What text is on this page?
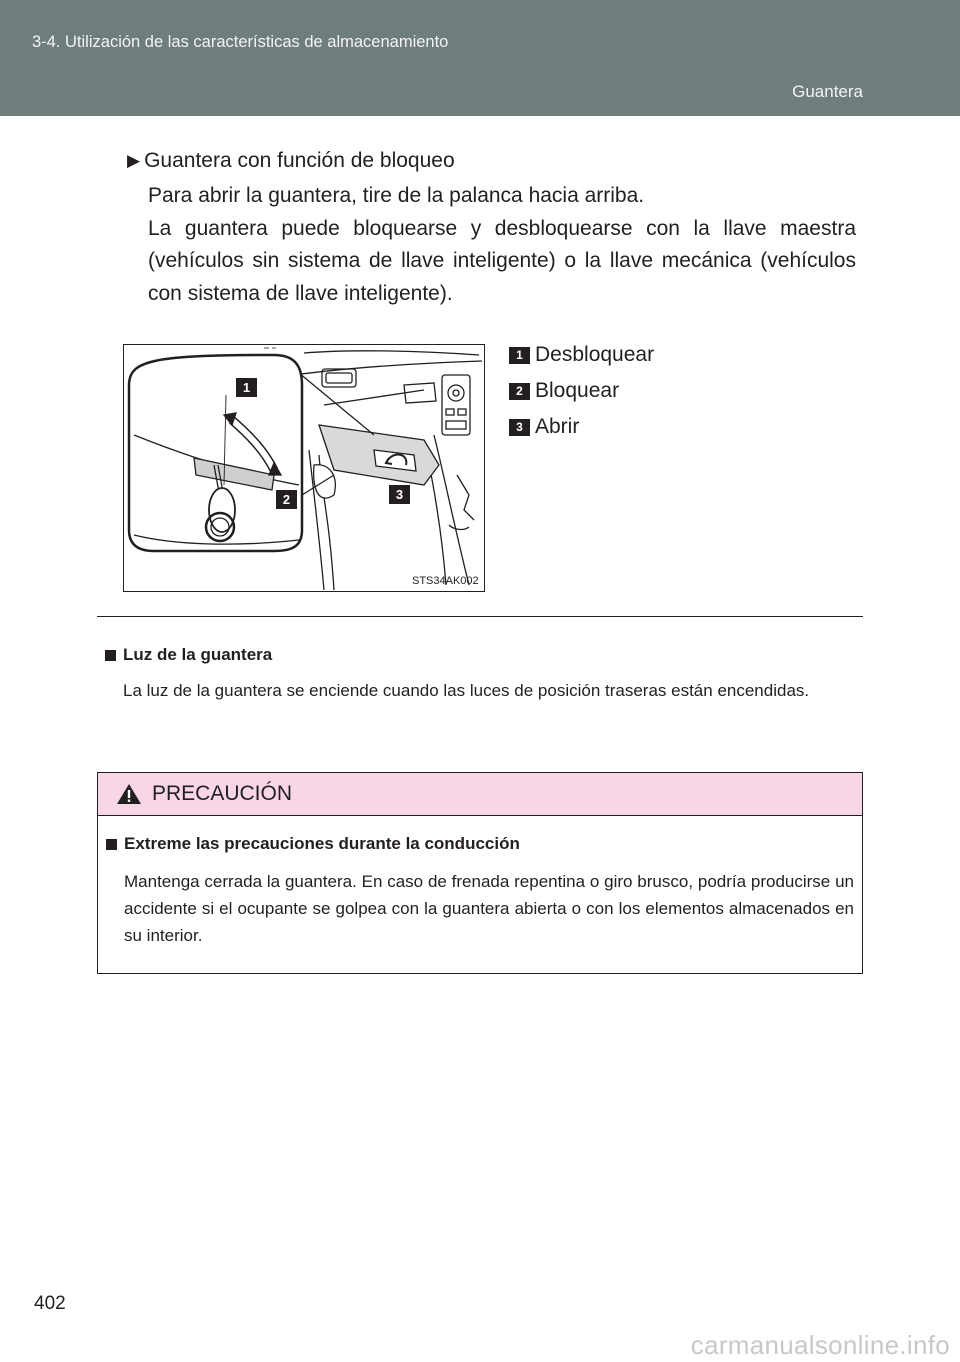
3-4. Utilización de las características de almacenamiento
Guantera
▶ Guantera con función de bloqueo

Para abrir la guantera, tire de la palanca hacia arriba.

La guantera puede bloquearse y desbloquearse con la llave maestra (vehículos sin sistema de llave inteligente) o la llave mecánica (vehículos con sistema de llave inteligente).

1
2	3
STS34AK002
1 Desbloquear
2 Bloquear
3 Abrir
Luz de la guantera
La luz de la guantera se enciende cuando las luces de posición traseras están encendidas.
PRECAUCIÓN
Extreme las precauciones durante la conducción
Mantenga cerrada la guantera. En caso de frenada repentina o giro brusco, podría producirse un accidente si el ocupante se golpea con la guantera abierta o con los elementos almacenados en su interior.
402
carmanualsonline.info
